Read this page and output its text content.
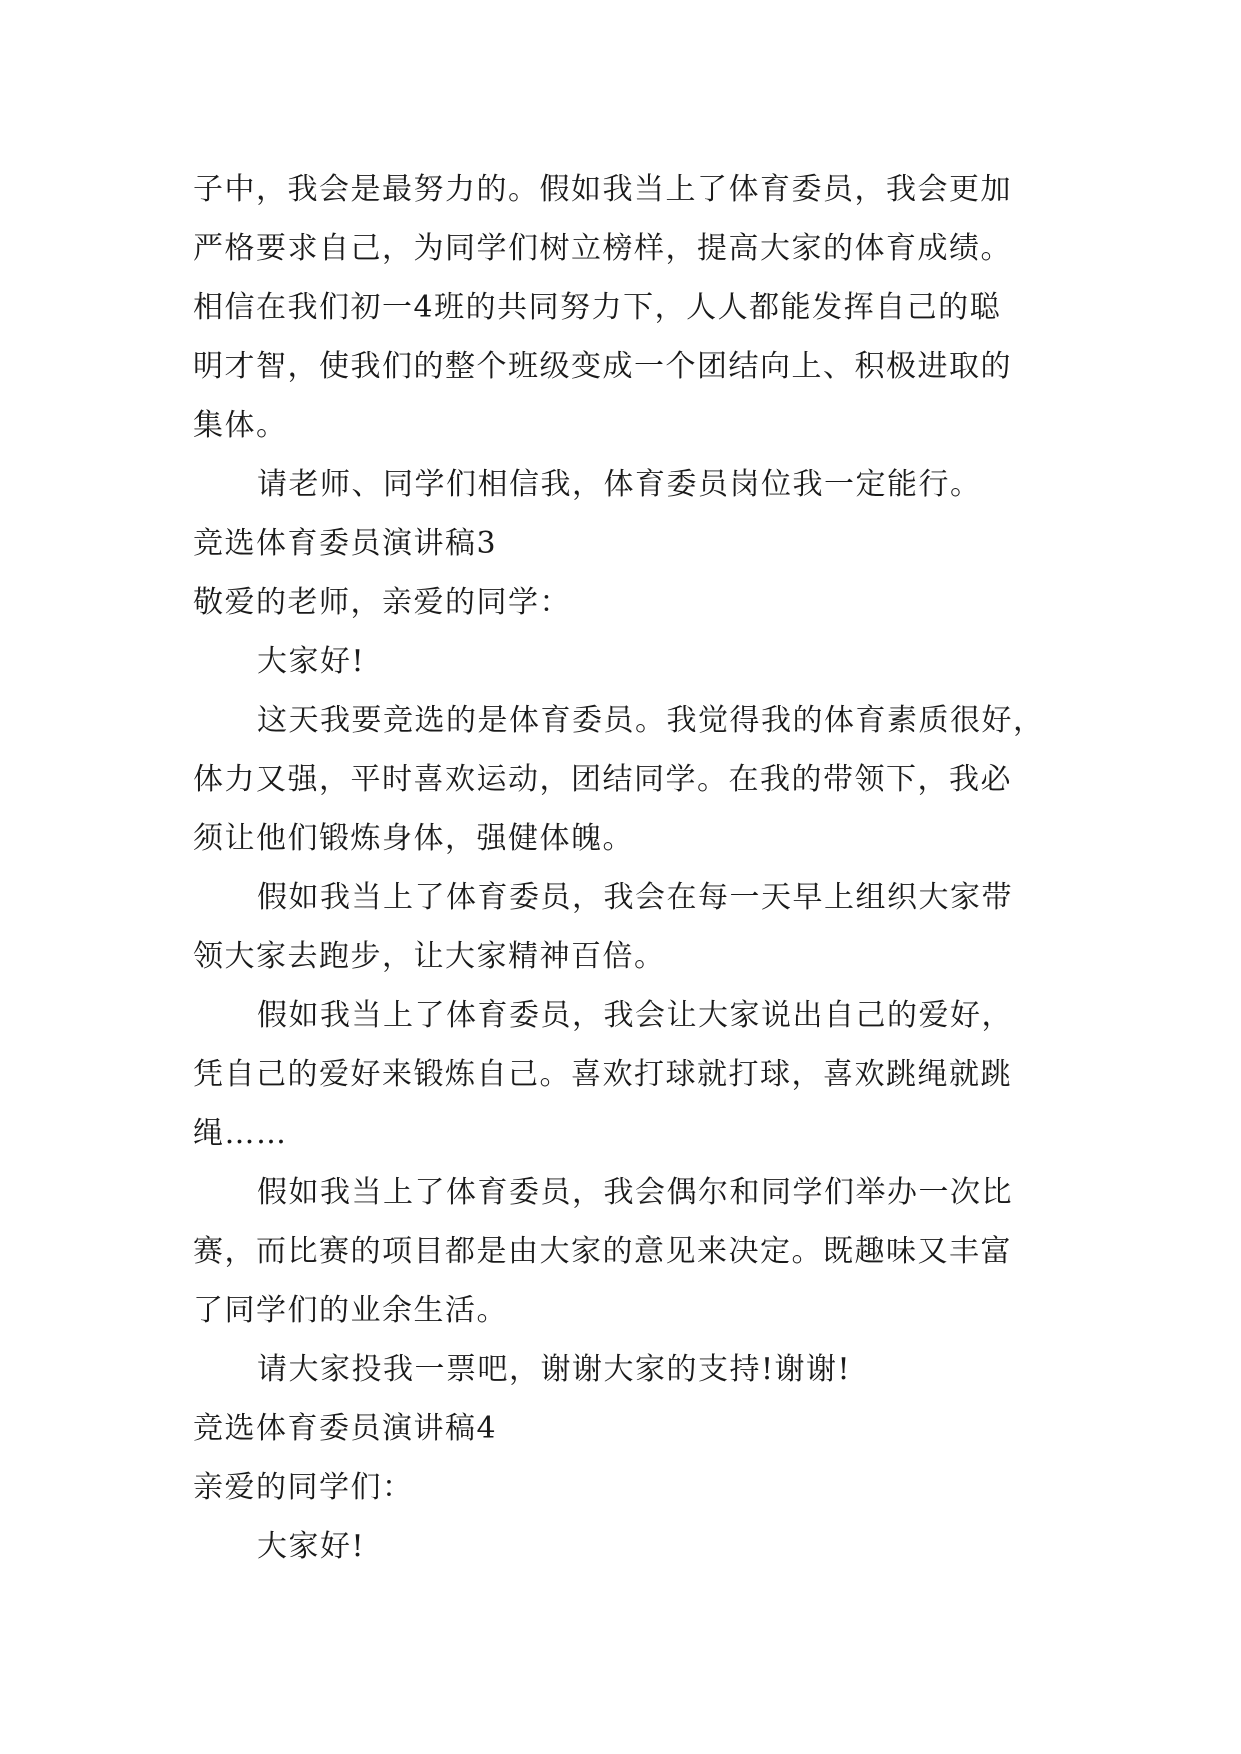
子中，我会是最努力的。假如我当上了体育委员，我会更加
严格要求自己，为同学们树立榜样，提高大家的体育成绩。
相信在我们初一4班的共同努力下，人人都能发挥自己的聪
明才智，使我们的整个班级变成一个团结向上、积极进取的
集体。
请老师、同学们相信我，体育委员岗位我一定能行。
竞选体育委员演讲稿3
敬爱的老师，亲爱的同学：
大家好!
这天我要竞选的是体育委员。我觉得我的体育素质很好，
体力又强，平时喜欢运动，团结同学。在我的带领下，我必
须让他们锻炼身体，强健体魄。
假如我当上了体育委员，我会在每一天早上组织大家带
领大家去跑步，让大家精神百倍。
假如我当上了体育委员，我会让大家说出自己的爱好，
凭自己的爱好来锻炼自己。喜欢打球就打球，喜欢跳绳就跳
绳……
假如我当上了体育委员，我会偶尔和同学们举办一次比
赛，而比赛的项目都是由大家的意见来决定。既趣味又丰富
了同学们的业余生活。
请大家投我一票吧，谢谢大家的支持!谢谢!
竞选体育委员演讲稿4
亲爱的同学们：
大家好!
